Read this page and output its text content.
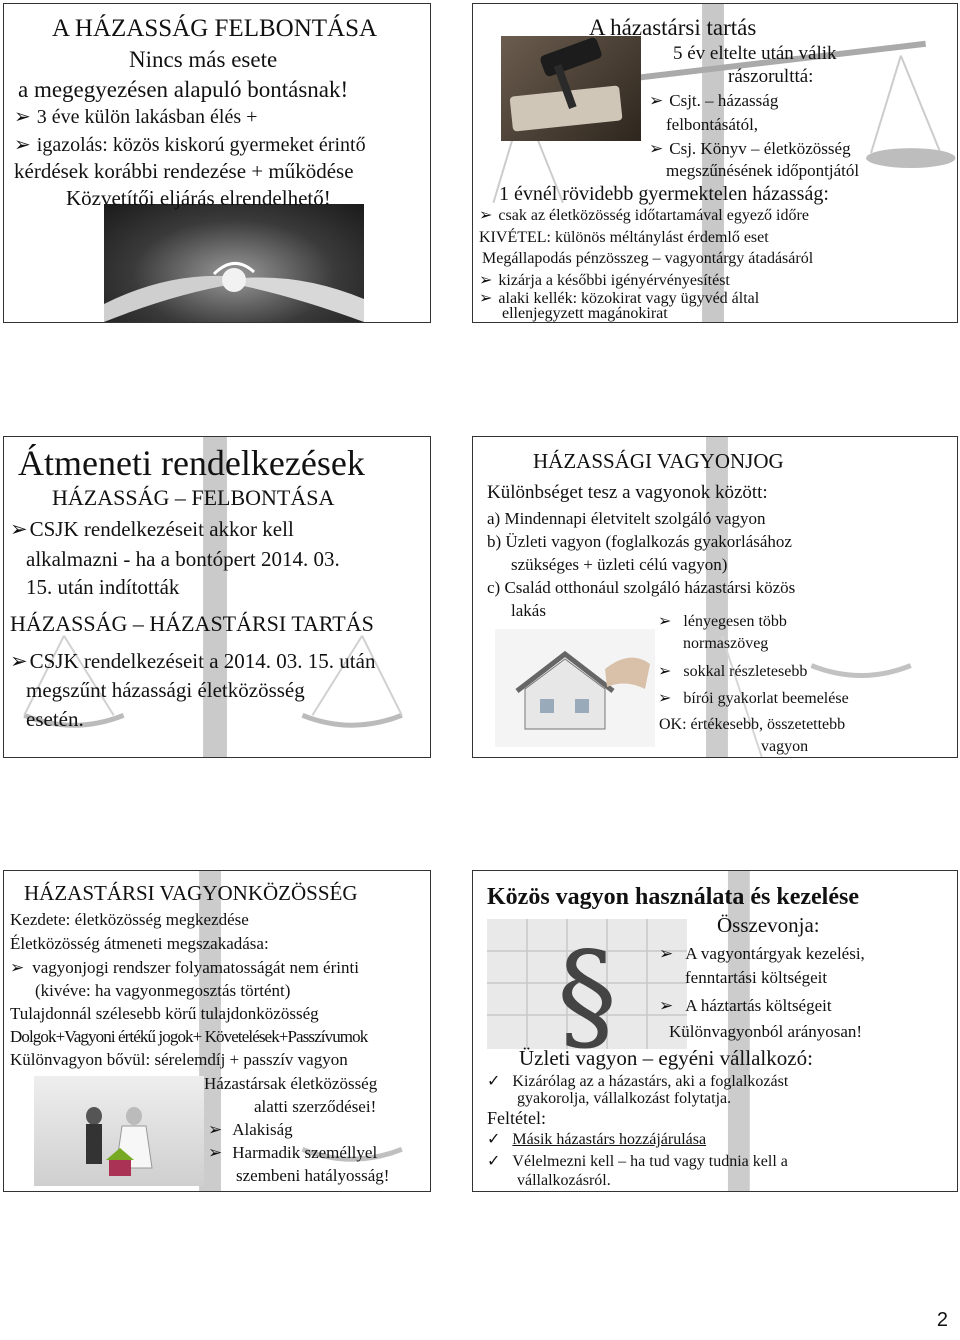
A HÁZASSÁG FELBONTÁSA
Nincs más esete
a megegyezésen alapuló bontásnak!
➢ 3 éve külön lakásban élés +
➢ igazolás: közös kiskorú gyermeket érintő
kérdések korábbi rendezése + működése
Közvetítői eljárás elrendelhető!
A házastársi tartás
5 év eltelte után válik
rászorulttá:
➢ Csjt. – házasság
felbontásától,
➢ Csj. Könyv – életközösség
megszűnésének időpontjától
1 évnél rövidebb gyermektelen házasság:
➢ csak az életközösség időtartamával egyező időre
KIVÉTEL: különös méltánylást érdemlő eset
Megállapodás pénzösszeg – vagyontárgy átadásáról
➢ kizárja a későbbi igényérvényesítést
➢ alaki kellék: közokirat vagy ügyvéd által
ellenjegyzett magánokirat
Átmeneti rendelkezések
HÁZASSÁG – FELBONTÁSA
➢CSJK rendelkezéseit akkor kell
alkalmazni - ha a bontópert 2014. 03.
15. után indították
HÁZASSÁG – HÁZASTÁRSI TARTÁS
➢CSJK rendelkezéseit a 2014. 03. 15. után
megszűnt házassági életközösség
esetén.
HÁZASSÁGI VAGYONJOG
Különbséget tesz a vagyonok között:
a) Mindennapi életvitelt szolgáló vagyon
b) Üzleti vagyon (foglalkozás gyakorlásához
szükséges + üzleti célú vagyon)
c) Család otthonául szolgáló házastársi közös
lakás
➢ lényegesen több
normaszöveg
➢ sokkal részletesebb
➢ bírói gyakorlat beemelése
OK: értékesebb, összetettebb
vagyon
HÁZASTÁRSI VAGYONKÖZÖSSÉG
Kezdete: életközösség megkezdése
Életközösség átmeneti megszakadása:
➢ vagyonjogi rendszer folyamatosságát nem érinti
(kivéve: ha vagyonmegosztás történt)
Tulajdonnál szélesebb körű tulajdonközösség
Dolgok+Vagyoni értékű jogok+ Követelések+Passzívumok
Különvagyon bővül: sérelemdíj + passzív vagyon
Házastársak életközösség
alatti szerződései!
➢ Alakiság
➢ Harmadik személlyel
szembeni hatályosság!
§
Közös vagyon használata és kezelése
Összevonja:
➢ A vagyontárgyak kezelési,
fenntartási költségeit
➢ A háztartás költségeit
Különvagyonból arányosan!
Üzleti vagyon – egyéni vállalkozó:
✓ Kizárólag az a házastárs, aki a foglalkozást
gyakorolja, vállalkozást folytatja.
Feltétel:
✓ Másik házastárs hozzájárulása
✓ Vélelmezni kell – ha tud vagy tudnia kell a
vállalkozásról.
2
